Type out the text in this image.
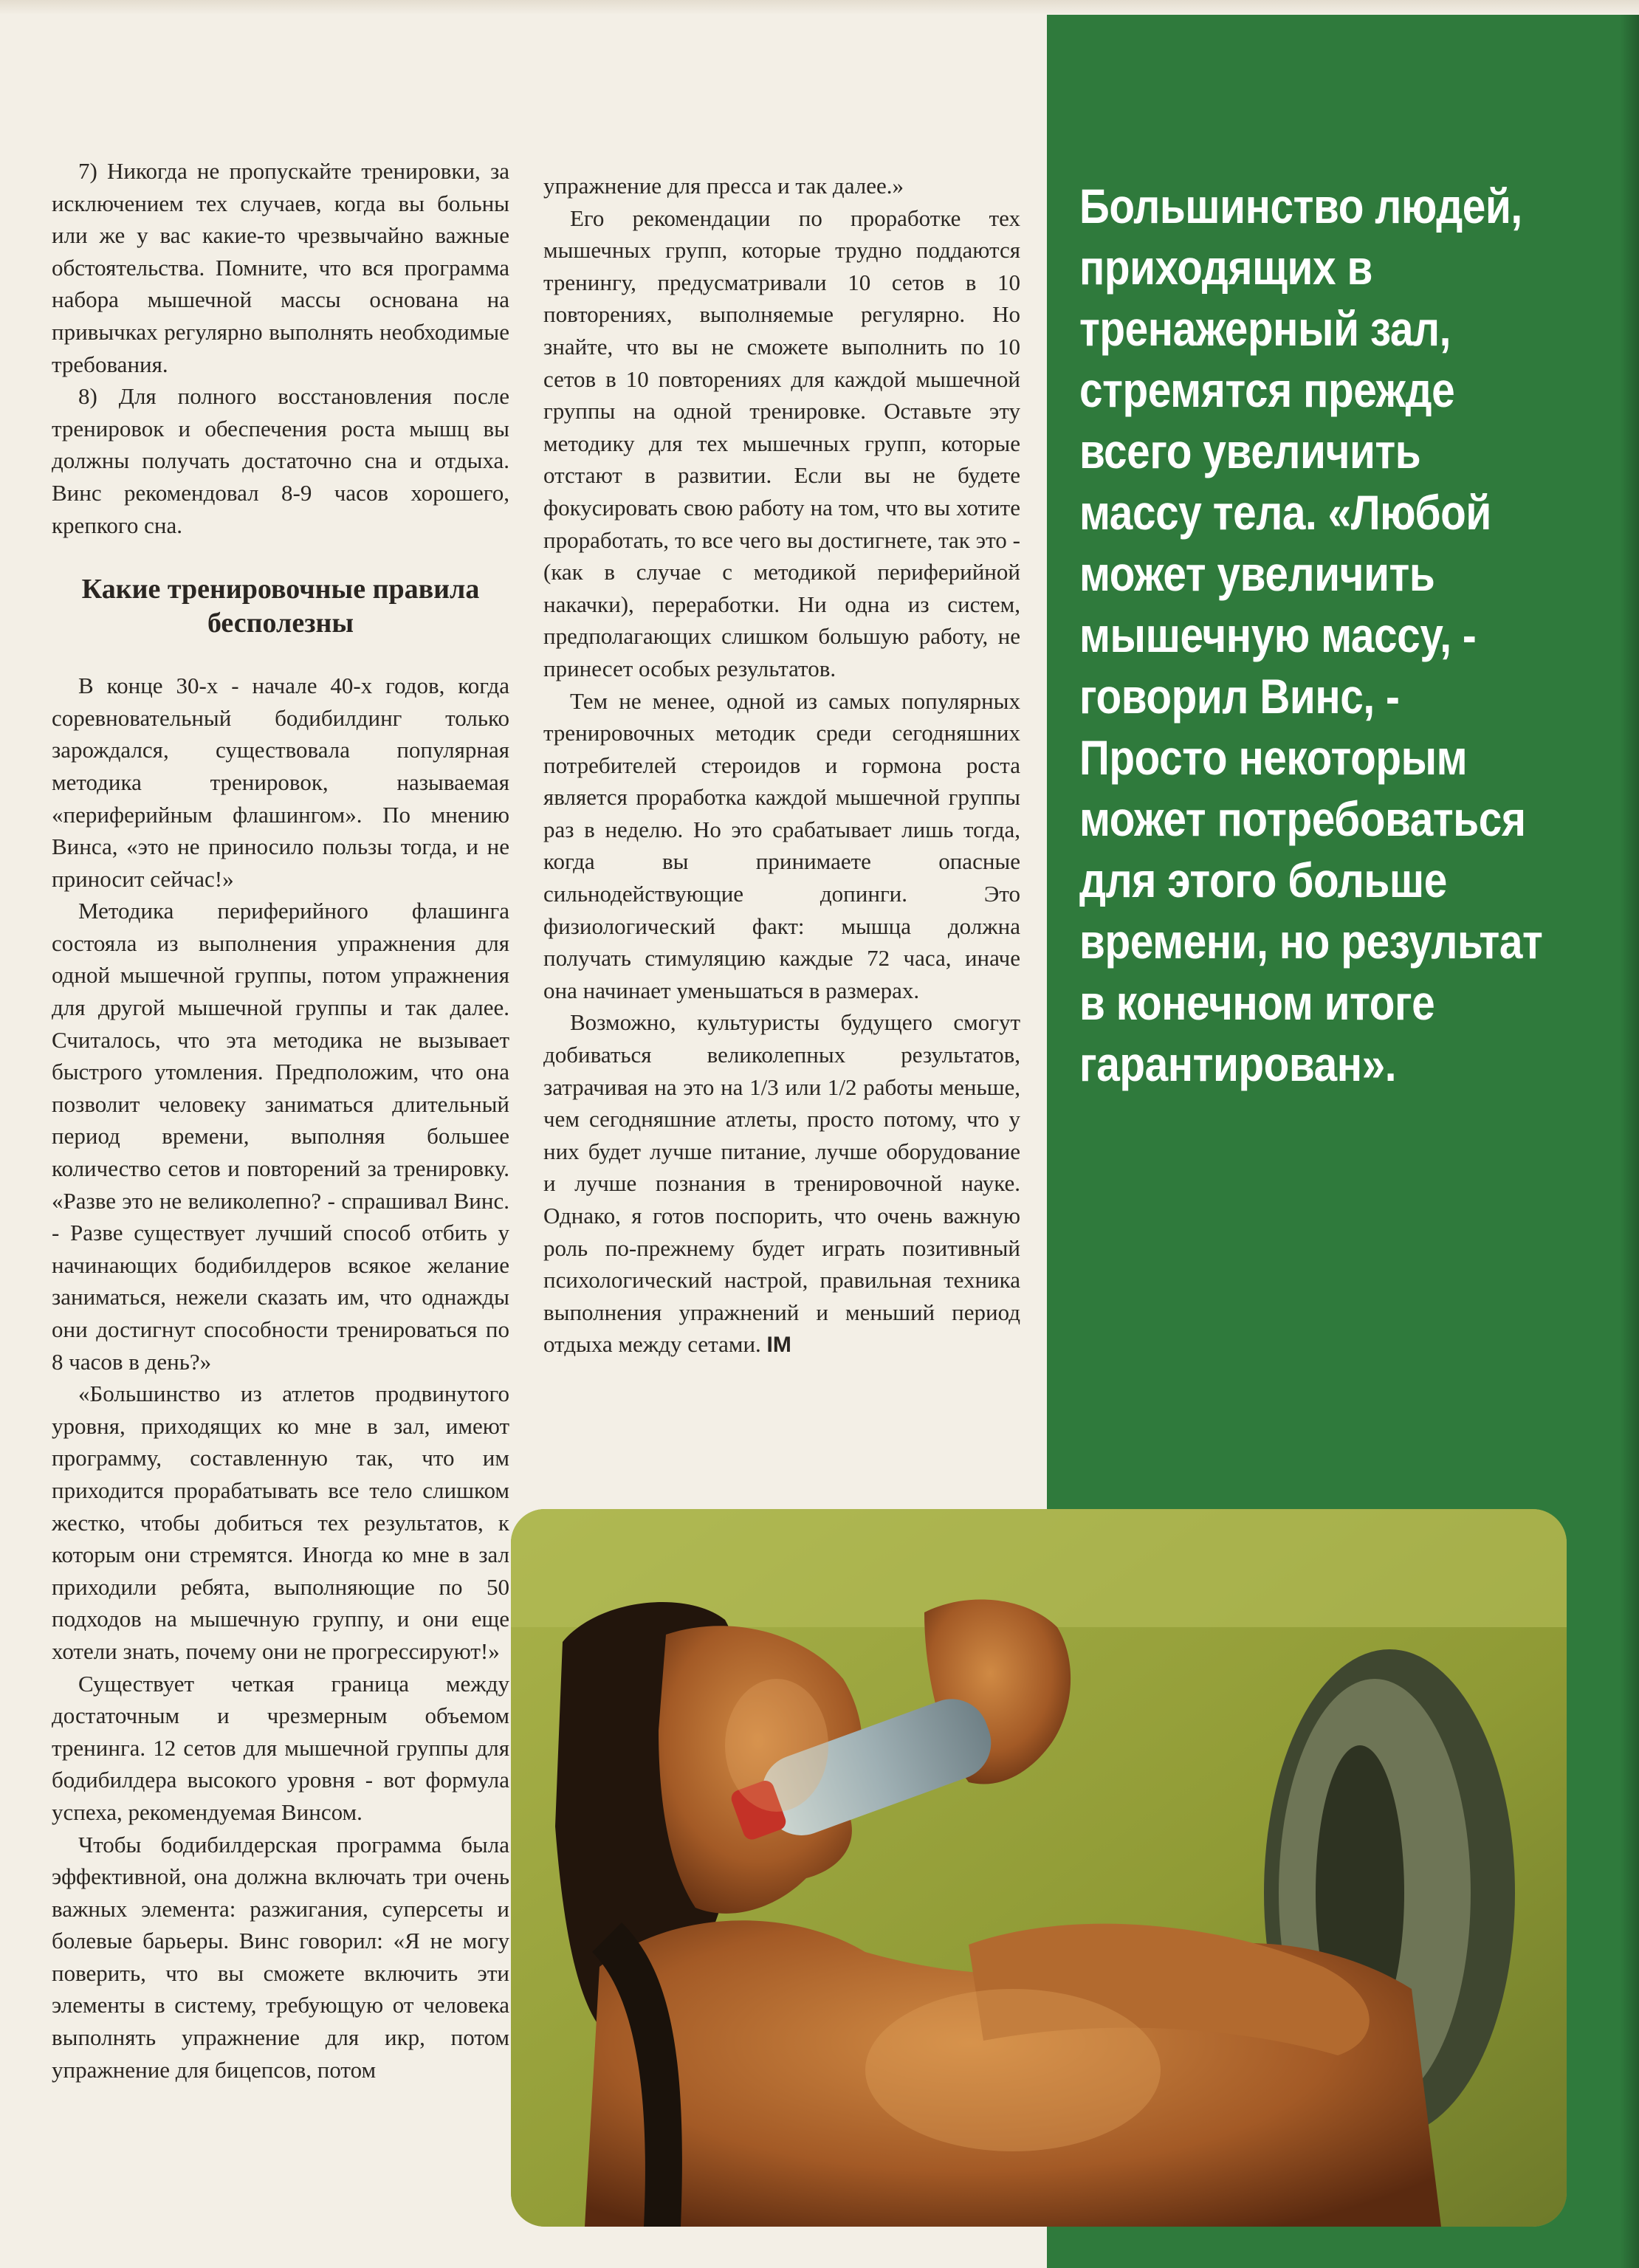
7) Никогда не пропускайте тренировки, за исключением тех случаев, когда вы больны или же у вас какие-то чрезвычайно важные обстоятельства. Помните, что вся программа набора мышечной массы основана на привычках регулярно выполнять необходимые требования.

8) Для полного восстановления после тренировок и обеспечения роста мышц вы должны получать достаточно сна и отдыха. Винс рекомендовал 8-9 часов хорошего, крепкого сна.

Какие тренировочные правила бесполезны

В конце 30-х - начале 40-х годов, когда соревновательный бодибилдинг только зарождался, существовала популярная методика тренировок, называемая «периферийным флашингом». По мнению Винса, «это не приносило пользы тогда, и не приносит сейчас!»

Методика периферийного флашинга состояла из выполнения упражнения для одной мышечной группы, потом упражнения для другой мышечной группы и так далее. Считалось, что эта методика не вызывает быстрого утомления. Предположим, что она позволит человеку заниматься длительный период времени, выполняя большее количество сетов и повторений за тренировку. «Разве это не великолепно? - спрашивал Винс. - Разве существует лучший способ отбить у начинающих бодибилдеров всякое желание заниматься, нежели сказать им, что однажды они достигнут способности тренироваться по 8 часов в день?»

«Большинство из атлетов продвинутого уровня, приходящих ко мне в зал, имеют программу, составленную так, что им приходится прорабатывать все тело слишком жестко, чтобы добиться тех результатов, к которым они стремятся. Иногда ко мне в зал приходили ребята, выполняющие по 50 подходов на мышечную группу, и они еще хотели знать, почему они не прогрессируют!»

Существует четкая граница между достаточным и чрезмерным объемом тренинга. 12 сетов для мышечной группы для бодибилдера высокого уровня - вот формула успеха, рекомендуемая Винсом.

Чтобы бодибилдерская программа была эффективной, она должна включать три очень важных элемента: разжигания, суперсеты и болевые барьеры. Винс говорил: «Я не могу поверить, что вы сможете включить эти элементы в систему, требующую от человека выполнять упражнение для икр, потом упражнение для бицепсов, потом

упражнение для пресса и так далее.»

Его рекомендации по проработке тех мышечных групп, которые трудно поддаются тренингу, предусматривали 10 сетов в 10 повторениях, выполняемые регулярно. Но знайте, что вы не сможете выполнить по 10 сетов в 10 повторениях для каждой мышечной группы на одной тренировке. Оставьте эту методику для тех мышечных групп, которые отстают в развитии. Если вы не будете фокусировать свою работу на том, что вы хотите проработать, то все чего вы достигнете, так это -(как в случае с методикой периферийной накачки), переработки. Ни одна из систем, предполагающих слишком большую работу, не принесет особых результатов.

Тем не менее, одной из самых популярных тренировочных методик среди сегодняшних потребителей стероидов и гормона роста является проработка каждой мышечной группы раз в неделю. Но это срабатывает лишь тогда, когда вы принимаете опасные сильнодействующие допинги. Это физиологический факт: мышца должна получать стимуляцию каждые 72 часа, иначе она начинает уменьшаться в размерах.

Возможно, культуристы будущего смогут добиваться великолепных результатов, затрачивая на это на 1/3 или 1/2 работы меньше, чем сегодняшние атлеты, просто потому, что у них будет лучше питание, лучше оборудование и лучше познания в тренировочной науке. Однако, я готов поспорить, что очень важную роль по-прежнему будет играть позитивный психологический настрой, правильная техника выполнения упражнений и меньший период отдыха между сетами. IM

Большинство людей, приходящих в тренажерный зал, стремятся прежде всего увеличить массу тела. «Любой может увеличить мышечную массу, - говорил Винс, - Просто некоторым может потребоваться для этого больше времени, но результат в конечном итоге гарантирован».
